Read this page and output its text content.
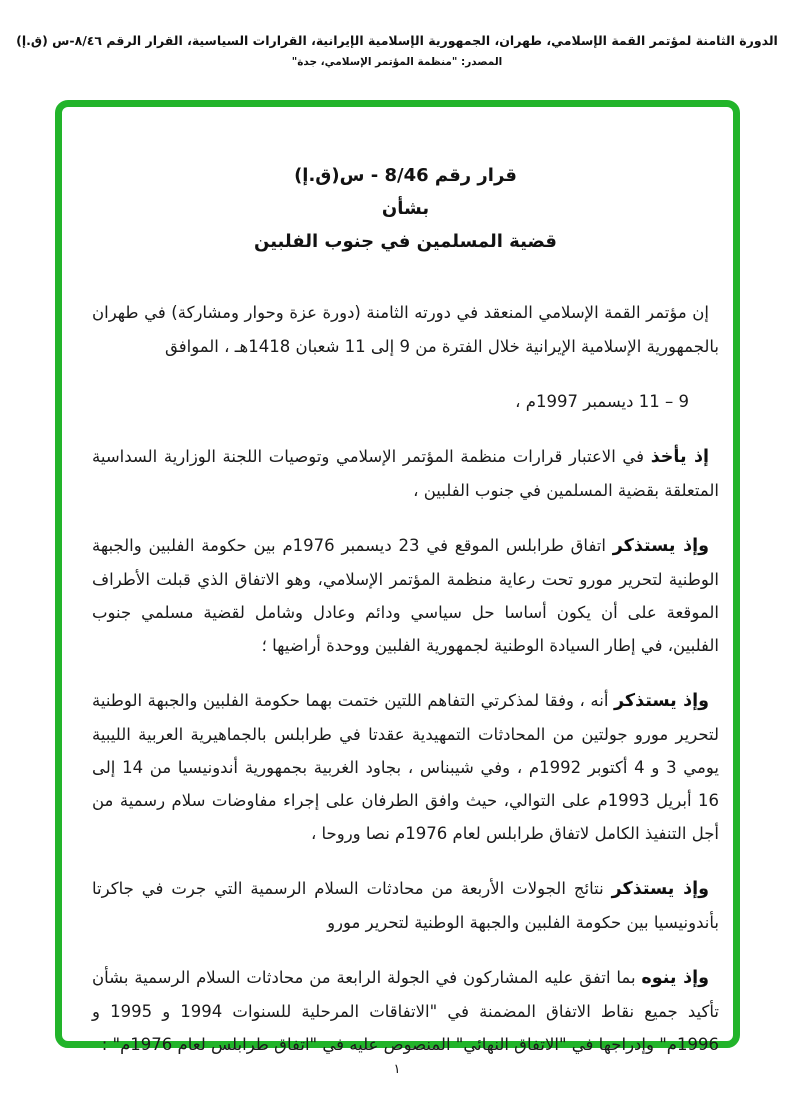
الدورة الثامنة لمؤتمر القمة الإسلامي، طهران، الجمهورية الإسلامية الإيرانية، القرارات السياسية، القرار الرقم ٨/٤٦-س (ق.إ)
المصدر: "منظمة المؤتمر الإسلامي، جدة"
قرار رقم 8/46 - س(ق.إ)
بشأن
قضية المسلمين في جنوب الفلبين

إن مؤتمر القمة الإسلامي المنعقد في دورته الثامنة (دورة عزة وحوار ومشاركة) في طهران بالجمهورية الإسلامية الإيرانية خلال الفترة من 9 إلى 11 شعبان 1418هـ ، الموافق

9 – 11 ديسمبر 1997م ،

إذ يأخذ في الاعتبار قرارات منظمة المؤتمر الإسلامي وتوصيات اللجنة الوزارية السداسية المتعلقة بقضية المسلمين في جنوب الفلبين ،

وإذ يستذكر اتفاق طرابلس الموقع في 23 ديسمبر 1976م بين حكومة الفلبين والجبهة الوطنية لتحرير مورو تحت رعاية منظمة المؤتمر الإسلامي، وهو الاتفاق الذي قبلت الأطراف الموقعة على أن يكون أساسا حل سياسي ودائم وعادل وشامل لقضية مسلمي جنوب الفلبين، في إطار السيادة الوطنية لجمهورية الفلبين ووحدة أراضيها ؛

وإذ يستذكر أنه ، وفقا لمذكرتي التفاهم اللتين ختمت بهما حكومة الفلبين والجبهة الوطنية لتحرير مورو جولتين من المحادثات التمهيدية عقدتا في طرابلس بالجماهيرية العربية الليبية يومي 3 و 4 أكتوبر 1992م ، وفي شيبناس ، بجاود الغربية بجمهورية أندونيسيا من 14 إلى 16 أبريل 1993م على التوالي، حيث وافق الطرفان على إجراء مفاوضات سلام رسمية من أجل التنفيذ الكامل لاتفاق طرابلس لعام 1976م نصا وروحا ،

وإذ يستذكر نتائج الجولات الأربعة من محادثات السلام الرسمية التي جرت في جاكرتا بأندونيسيا بين حكومة الفلبين والجبهة الوطنية لتحرير مورو

وإذ ينوه بما اتفق عليه المشاركون في الجولة الرابعة من محادثات السلام الرسمية بشأن تأكيد جميع نقاط الاتفاق المضمنة في "الاتفاقات المرحلية للسنوات 1994 و 1995 و 1996م" وإدراجها في "الاتفاق النهائي" المنصوص عليه في "اتفاق طرابلس لعام 1976م" :

١
